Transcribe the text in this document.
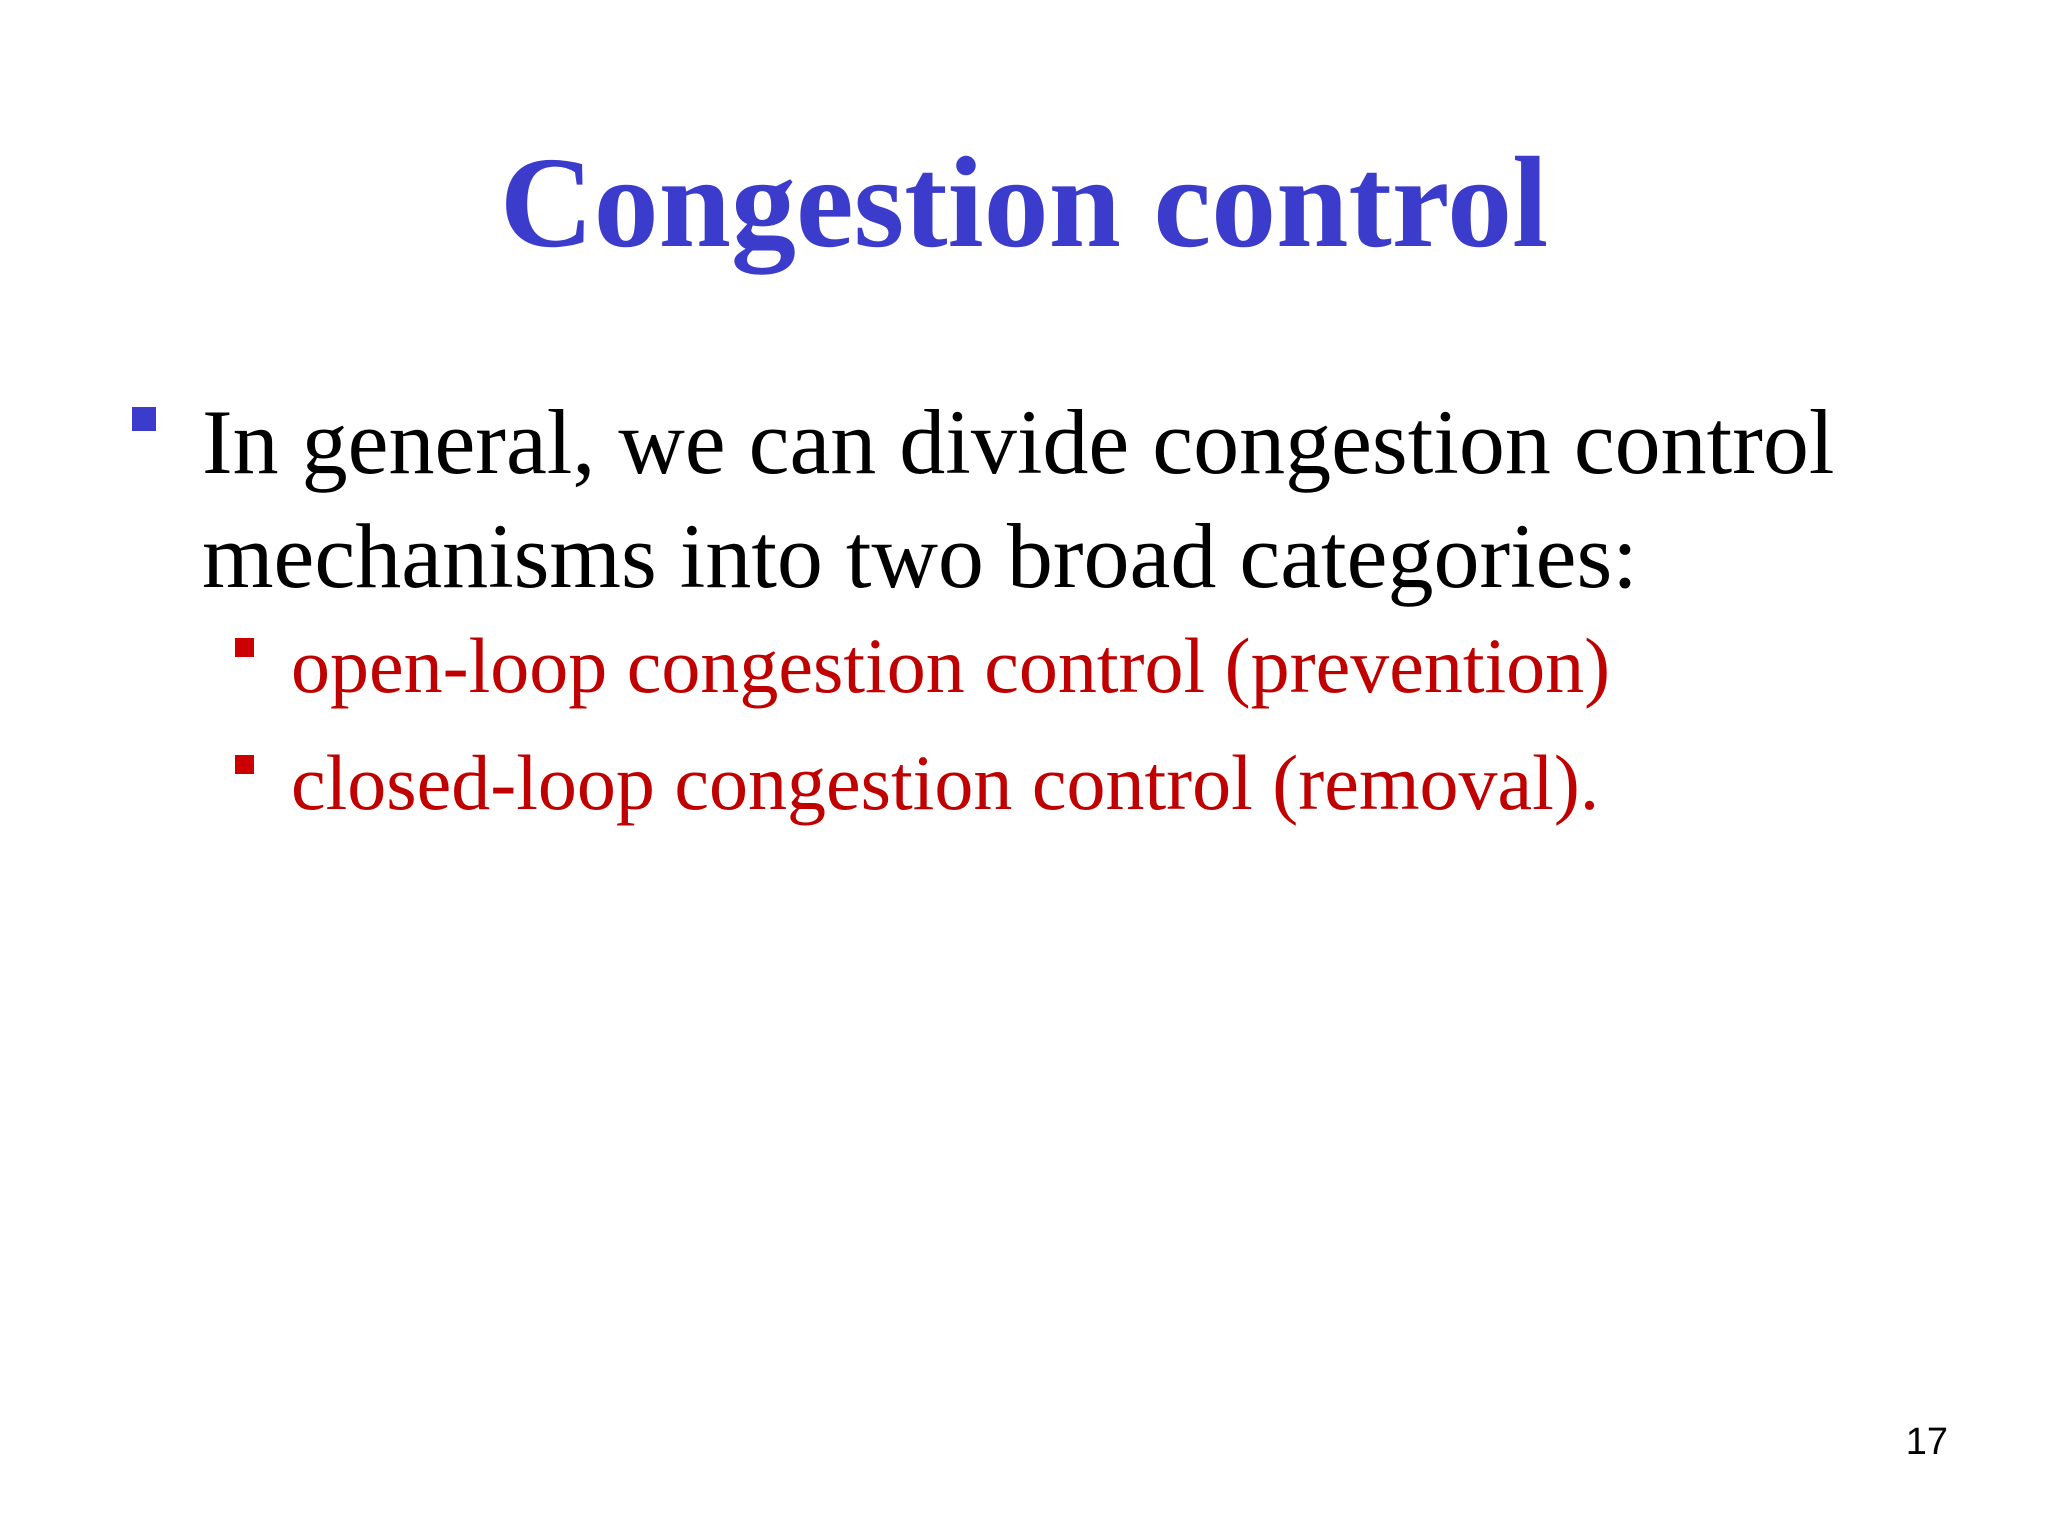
Congestion control
In general, we can divide congestion control mechanisms into two broad categories:
open-loop congestion control (prevention)
closed-loop congestion control (removal).
17
